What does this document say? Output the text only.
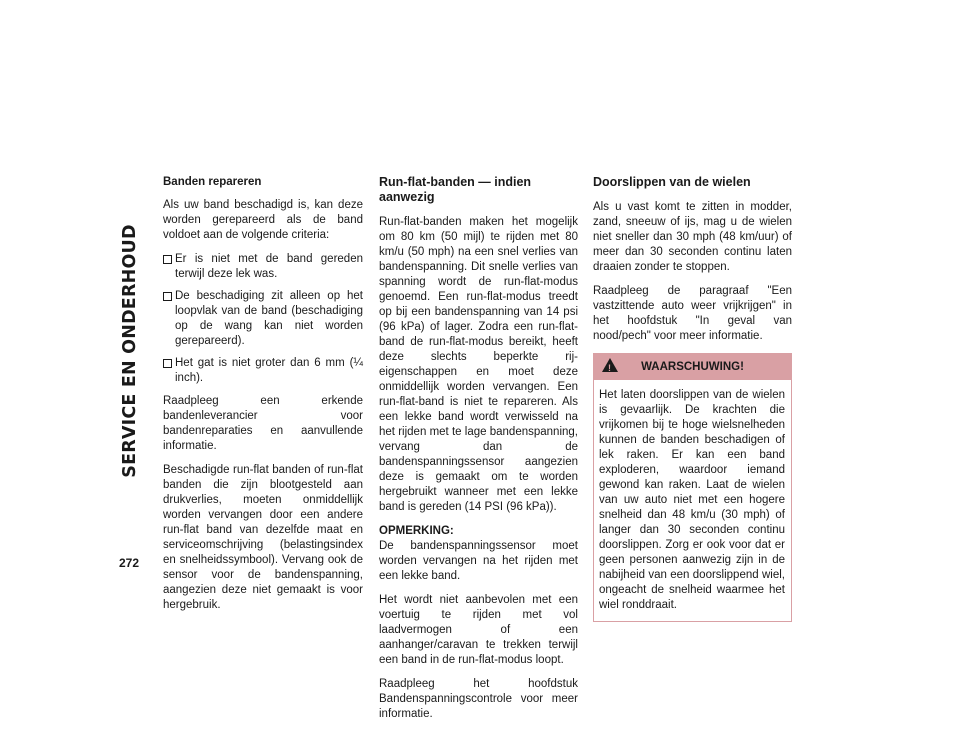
SERVICE EN ONDERHOUD
272
Banden repareren

Als uw band beschadigd is, kan deze worden gerepareerd als de band voldoet aan de volgende criteria:

Er is niet met de band gereden terwijl deze lek was.
De beschadiging zit alleen op het loopvlak van de band (beschadiging op de wang kan niet worden gerepareerd).
Het gat is niet groter dan 6 mm (¼ inch).

Raadpleeg een erkende bandenleverancier voor bandenreparaties en aanvullende informatie.

Beschadigde run-flat banden of run-flat banden die zijn blootgesteld aan drukverlies, moeten onmiddellijk worden vervangen door een andere run-flat band van dezelfde maat en serviceomschrijving (belastingsindex en snelheidssymbool). Vervang ook de sensor voor de bandenspanning, aangezien deze niet gemaakt is voor hergebruik.

Run-flat-banden — indien aanwezig

Run-flat-banden maken het mogelijk om 80 km (50 mijl) te rijden met 80 km/u (50 mph) na een snel verlies van bandenspanning. Dit snelle verlies van spanning wordt de run-flat-modus genoemd. Een run-flat-modus treedt op bij een bandenspanning van 14 psi (96 kPa) of lager. Zodra een run-flat-band de run-flat-modus bereikt, heeft deze slechts beperkte rij-eigenschappen en moet deze onmiddellijk worden vervangen. Een run-flat-band is niet te repareren. Als een lekke band wordt verwisseld na het rijden met te lage bandenspanning, vervang dan de bandenspanningssensor aangezien deze is gemaakt om te worden hergebruikt wanneer met een lekke band is gereden (14 PSI (96 kPa)).

OPMERKING:
De bandenspanningssensor moet worden vervangen na het rijden met een lekke band.

Het wordt niet aanbevolen met een voertuig te rijden met vol laadvermogen of een aanhanger/caravan te trekken terwijl een band in de run-flat-modus loopt.

Raadpleeg het hoofdstuk Bandenspanningscontrole voor meer informatie.

Doorslippen van de wielen

Als u vast komt te zitten in modder, zand, sneeuw of ijs, mag u de wielen niet sneller dan 30 mph (48 km/uur) of meer dan 30 seconden continu laten draaien zonder te stoppen.

Raadpleeg de paragraaf "Een vastzittende auto weer vrijkrijgen" in het hoofdstuk "In geval van nood/pech" voor meer informatie.

!	WAARSCHUWING!
Het laten doorslippen van de wielen is gevaarlijk. De krachten die vrijkomen bij te hoge wielsnelheden kunnen de banden beschadigen of lek raken. Er kan een band exploderen, waardoor iemand gewond kan raken. Laat de wielen van uw auto niet met een hogere snelheid dan 48 km/u (30 mph) of langer dan 30 seconden continu doorslippen. Zorg er ook voor dat er geen personen aanwezig zijn in de nabijheid van een doorslippend wiel, ongeacht de snelheid waarmee het wiel ronddraait.
